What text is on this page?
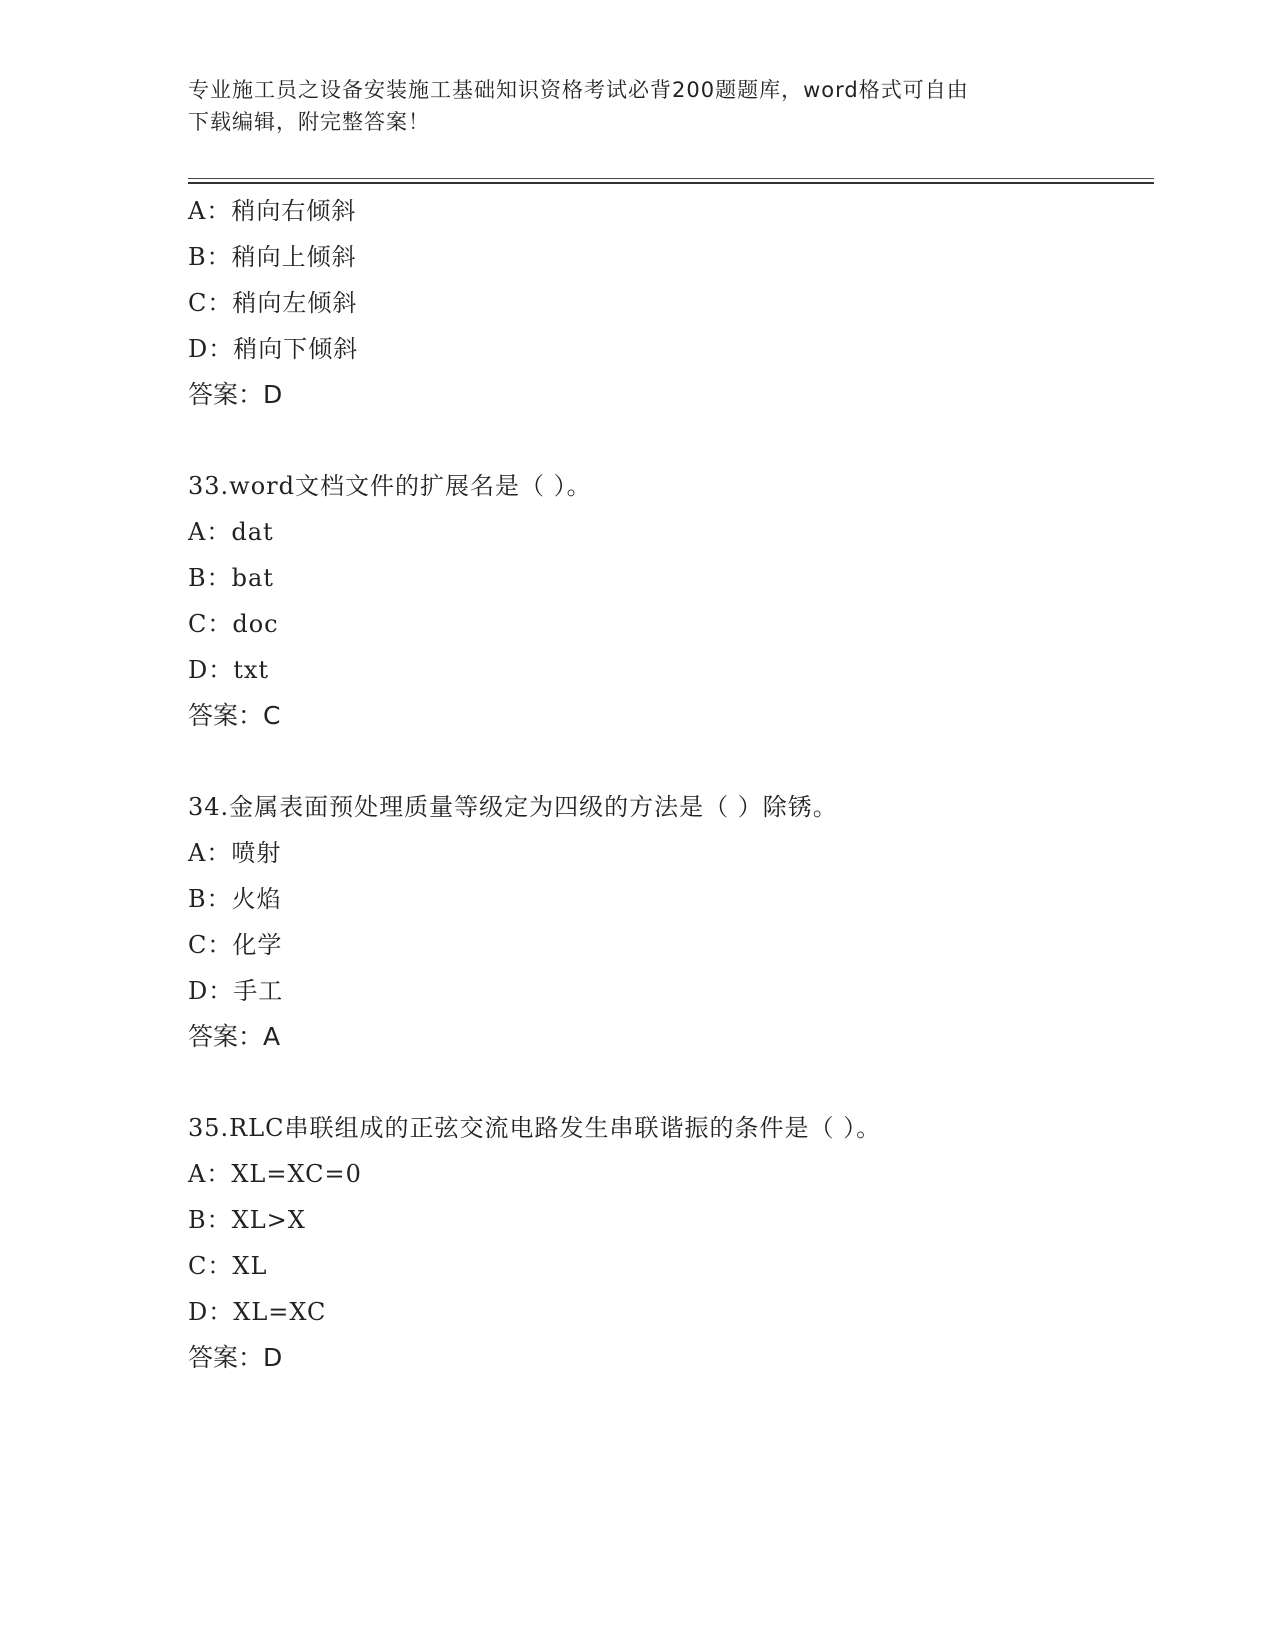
专业施工员之设备安装施工基础知识资格考试必背200题题库，word格式可自由
下载编辑，附完整答案！
A：稍向右倾斜
B：稍向上倾斜
C：稍向左倾斜
D：稍向下倾斜
答案：D
33.word文档文件的扩展名是（ ）。
A：dat
B：bat
C：doc
D：txt
答案：C
34.金属表面预处理质量等级定为四级的方法是（ ）除锈。
A：喷射
B：火焰
C：化学
D：手工
答案：A
35.RLC串联组成的正弦交流电路发生串联谐振的条件是（ ）。
A：XL=XC=0
B：XL>X
C：XL
D：XL=XC
答案：D
